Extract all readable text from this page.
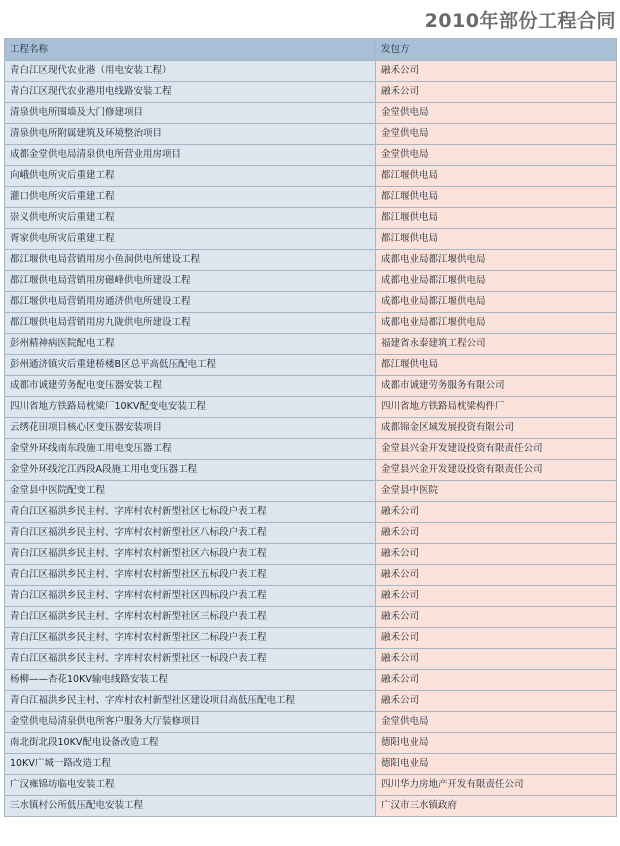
2010年部份工程合同
工程名称	发包方
青白江区现代农业港（用电安装工程）	融禾公司
青白江区现代农业港用电线路安装工程	融禾公司
清泉供电所围墙及大门修建项目	金堂供电局
清泉供电所附属建筑及环境整治项目	金堂供电局
成都金堂供电局清泉供电所营业用房项目	金堂供电局
向峨供电所灾后重建工程	都江堰供电局
灌口供电所灾后重建工程	都江堰供电局
崇义供电所灾后重建工程	都江堰供电局
胥家供电所灾后重建工程	都江堰供电局
都江堰供电局营销用房小鱼洞供电所建设工程	成都电业局都江堰供电局
都江堰供电局营销用房磁峰供电所建设工程	成都电业局都江堰供电局
都江堰供电局营销用房通济供电所建设工程	成都电业局都江堰供电局
都江堰供电局营销用房九陇供电所建设工程	成都电业局都江堰供电局
彭州精神病医院配电工程	福建省永泰建筑工程公司
彭州通济镇灾后重建桥楼B区总平高低压配电工程	都江堰供电局
成都市诚建劳务配电变压器安装工程	成都市诚建劳务服务有限公司
四川省地方铁路局枕梁厂10KV配变电安装工程	四川省地方铁路局枕梁构件厂
云绣花田项目核心区变压器安装项目	成都锦金区域发展投资有限公司
金堂外环线南东段施工用电变压器工程	金堂县兴金开发建设投资有限责任公司
金堂外环线沱江西段A段施工用电变压器工程	金堂县兴金开发建设投资有限责任公司
金堂县中医院配变工程	金堂县中医院
青白江区福洪乡民主村、字库村农村新型社区七标段户表工程	融禾公司
青白江区福洪乡民主村、字库村农村新型社区八标段户表工程	融禾公司
青白江区福洪乡民主村、字库村农村新型社区六标段户表工程	融禾公司
青白江区福洪乡民主村、字库村农村新型社区五标段户表工程	融禾公司
青白江区福洪乡民主村、字库村农村新型社区四标段户表工程	融禾公司
青白江区福洪乡民主村、字库村农村新型社区三标段户表工程	融禾公司
青白江区福洪乡民主村、字库村农村新型社区二标段户表工程	融禾公司
青白江区福洪乡民主村、字库村农村新型社区一标段户表工程	融禾公司
杨柳——杏花10KV输电线路安装工程	融禾公司
青白江福洪乡民主村、字库村农村新型社区建设项目高低压配电工程	融禾公司
金堂供电局清泉供电所客户服务大厅装修项目	金堂供电局
南北街北段10KV配电设备改造工程	德阳电业局
10KV广城一路改造工程	德阳电业局
广汉雍锦坊临电安装工程	四川华力房地产开发有限责任公司
三水镇村公所低压配电安装工程	广汉市三水镇政府
